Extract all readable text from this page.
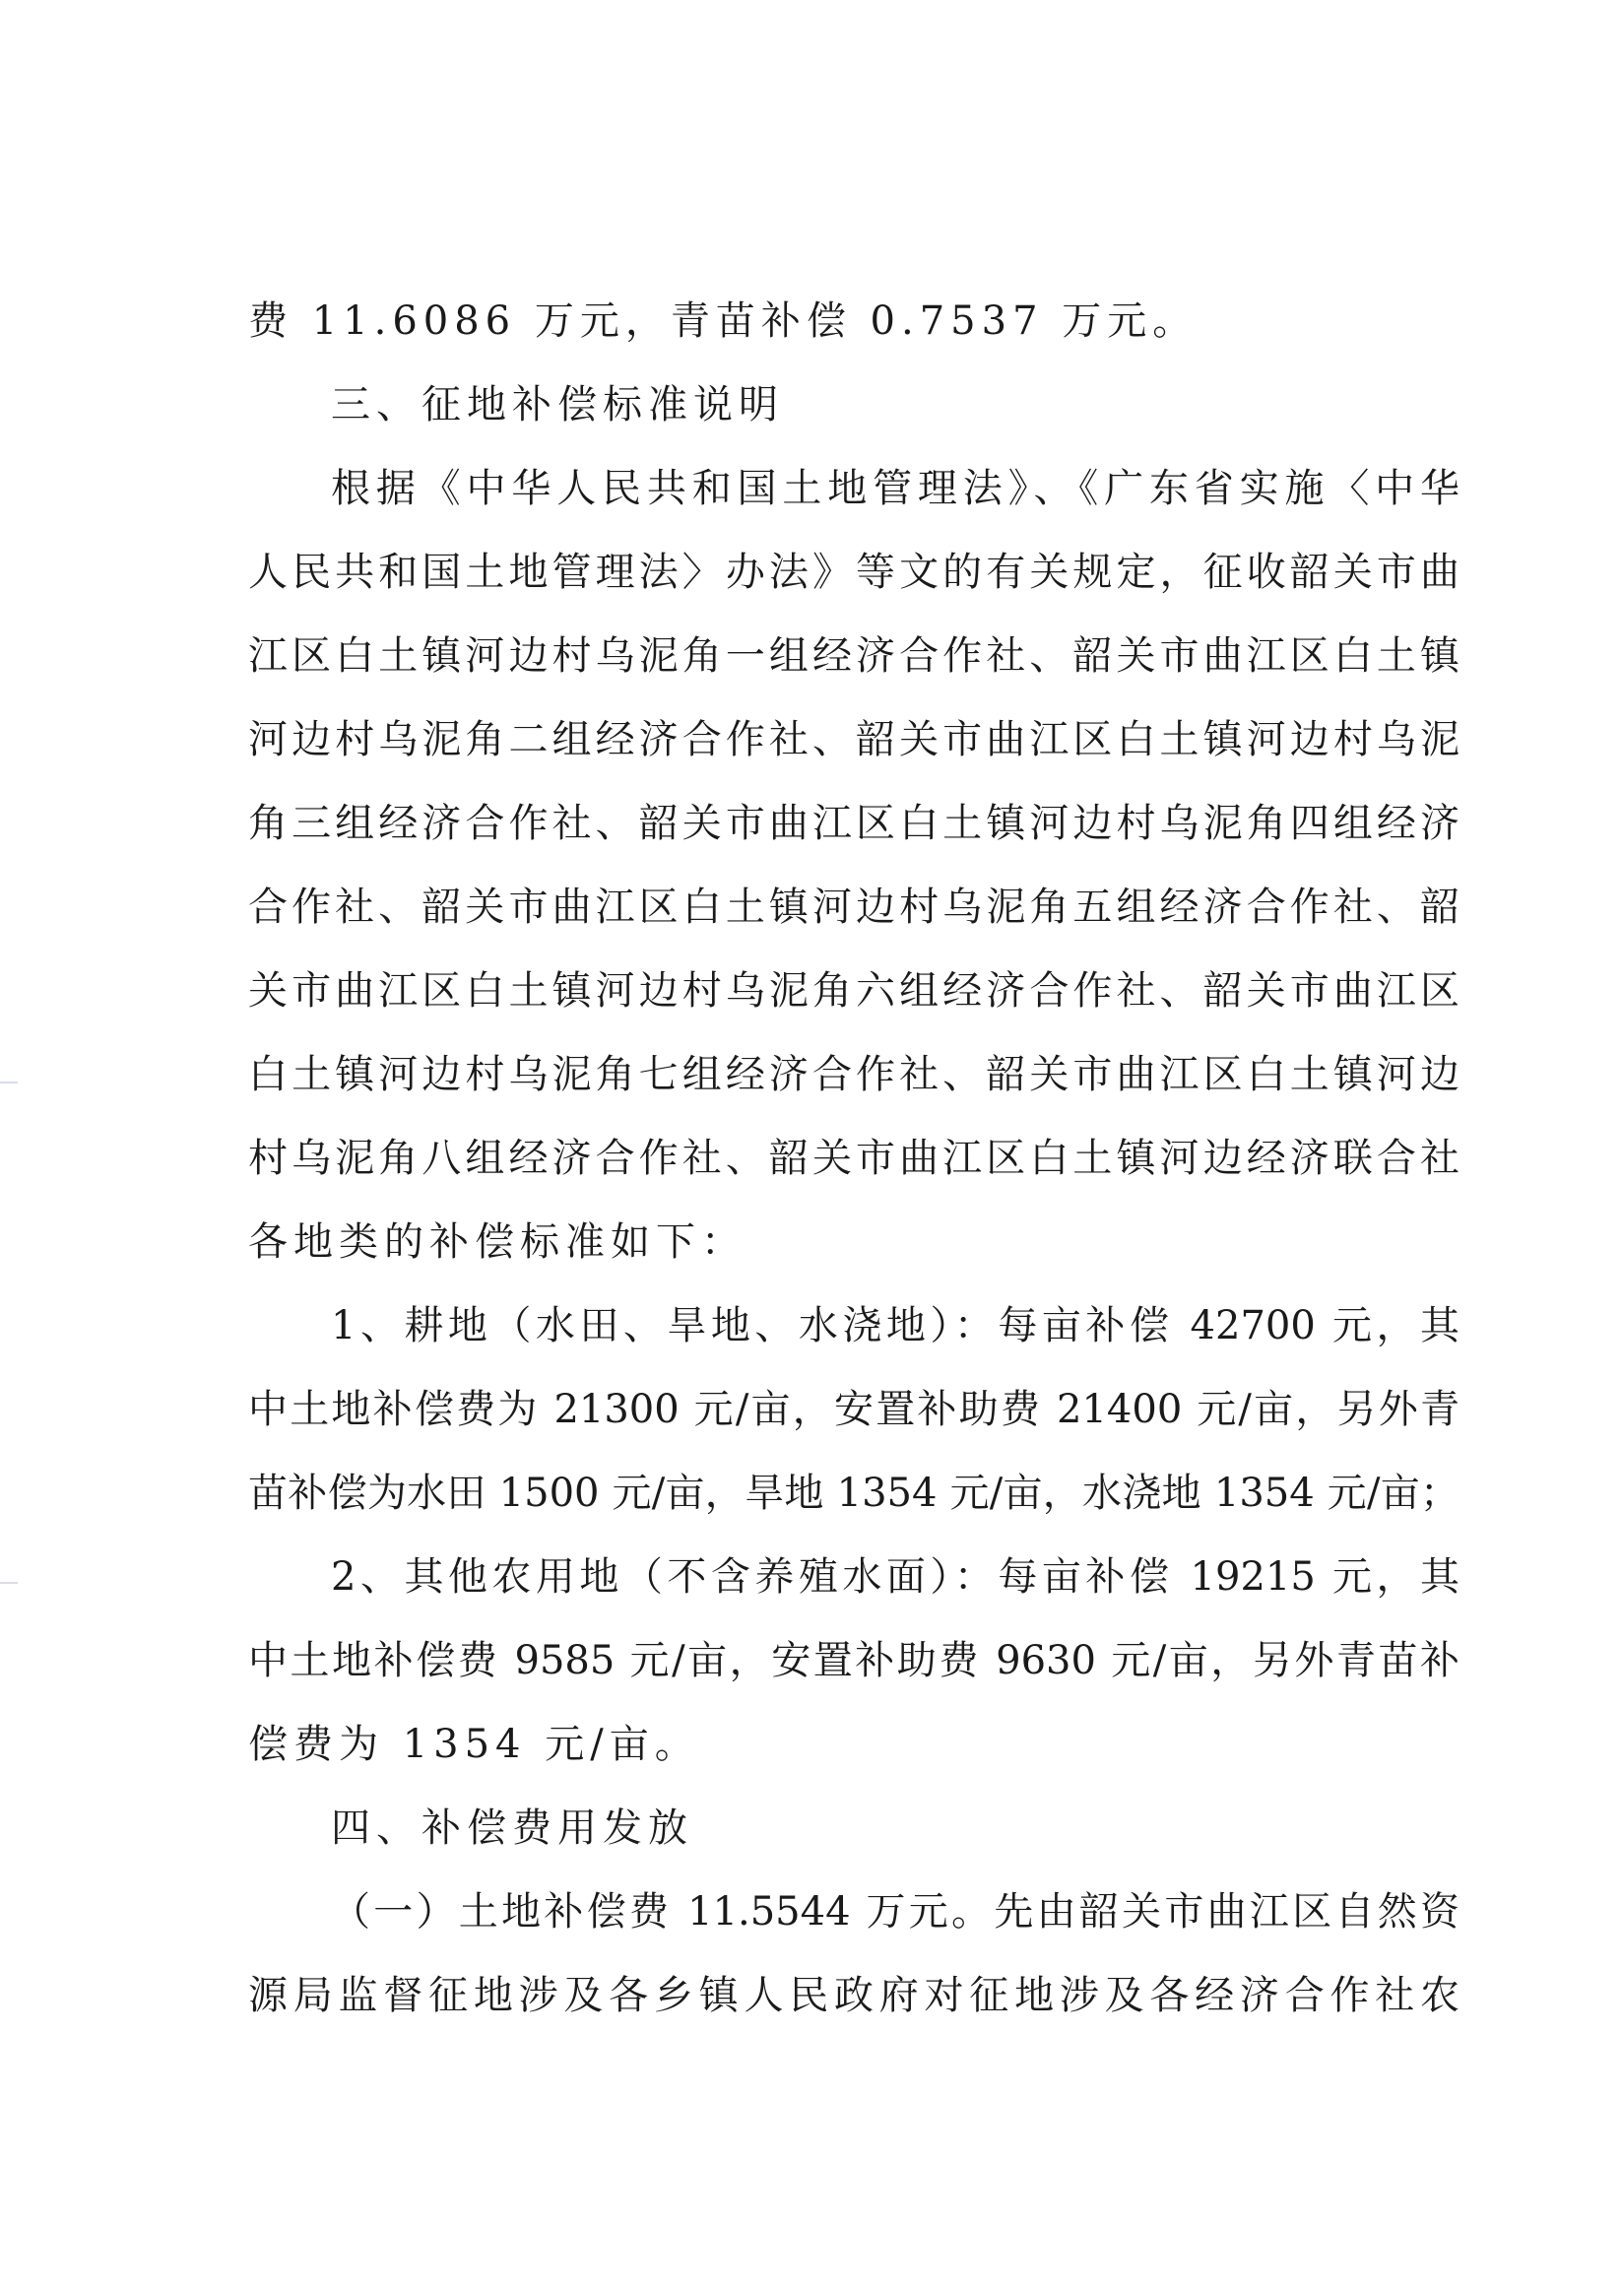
费 11.6086 万元，青苗补偿 0.7537 万元。
三、征地补偿标准说明
根据《中华人民共和国土地管理法》、《广东省实施〈中华
人民共和国土地管理法〉办法》等文的有关规定，征收韶关市曲
江区白土镇河边村乌泥角一组经济合作社、韶关市曲江区白土镇
河边村乌泥角二组经济合作社、韶关市曲江区白土镇河边村乌泥
角三组经济合作社、韶关市曲江区白土镇河边村乌泥角四组经济
合作社、韶关市曲江区白土镇河边村乌泥角五组经济合作社、韶
关市曲江区白土镇河边村乌泥角六组经济合作社、韶关市曲江区
白土镇河边村乌泥角七组经济合作社、韶关市曲江区白土镇河边
村乌泥角八组经济合作社、韶关市曲江区白土镇河边经济联合社
各地类的补偿标准如下：
1、耕地（水田、旱地、水浇地）：每亩补偿 42700 元，其
中土地补偿费为 21300 元/亩，安置补助费 21400 元/亩，另外青
苗补偿为水田 1500 元/亩，旱地 1354 元/亩，水浇地 1354 元/亩；
2、其他农用地（不含养殖水面）：每亩补偿 19215 元，其
中土地补偿费 9585 元/亩，安置补助费 9630 元/亩，另外青苗补
偿费为 1354 元/亩。
四、补偿费用发放
（一）土地补偿费 11.5544 万元。先由韶关市曲江区自然资
源局监督征地涉及各乡镇人民政府对征地涉及各经济合作社农
